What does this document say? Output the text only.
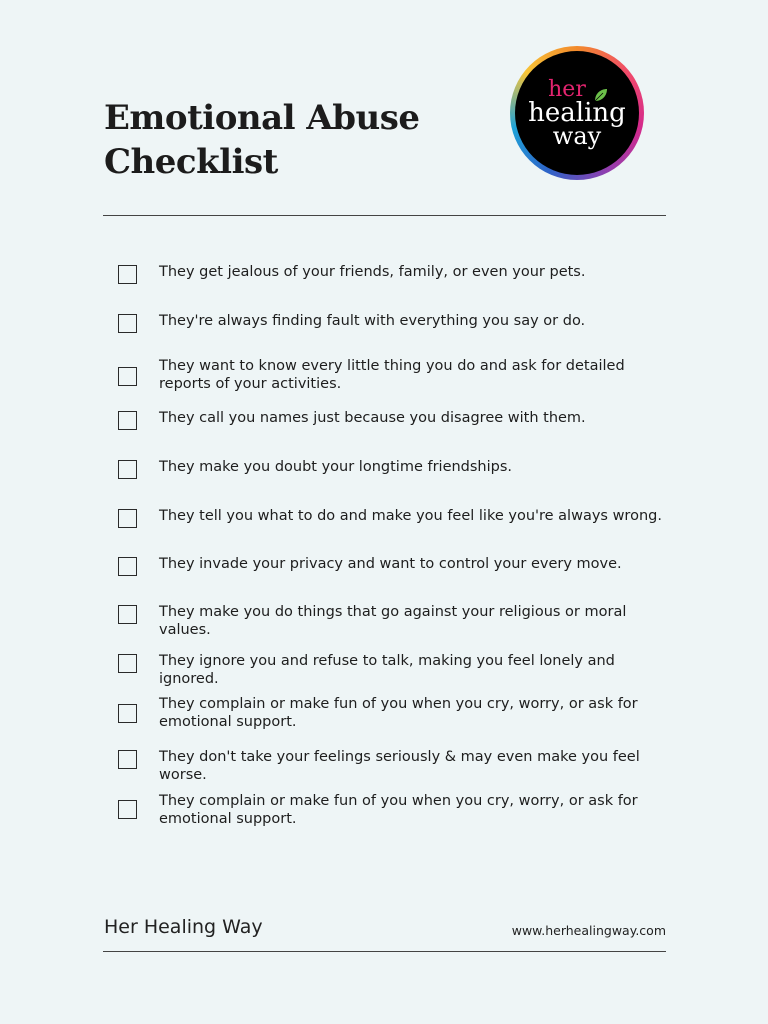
Emotional Abuse
Checklist
her
healing
way
They get jealous of your friends, family, or even your pets.
They're always finding fault with everything you say or do.
They want to know every little thing you do and ask for detailed reports of your activities.
They call you names just because you disagree with them.
They make you doubt your longtime friendships.
They tell you what to do and make you feel like you're always wrong.
They invade your privacy and want to control your every move.
They make you do things that go against your religious or moral values.
They ignore you and refuse to talk, making you feel lonely and ignored.
They complain or make fun of you when you cry, worry, or ask for emotional support.
They don't take your feelings seriously & may even make you feel worse.
They complain or make fun of you when you cry, worry, or ask for emotional support.
Her Healing Way	www.herhealingway.com
